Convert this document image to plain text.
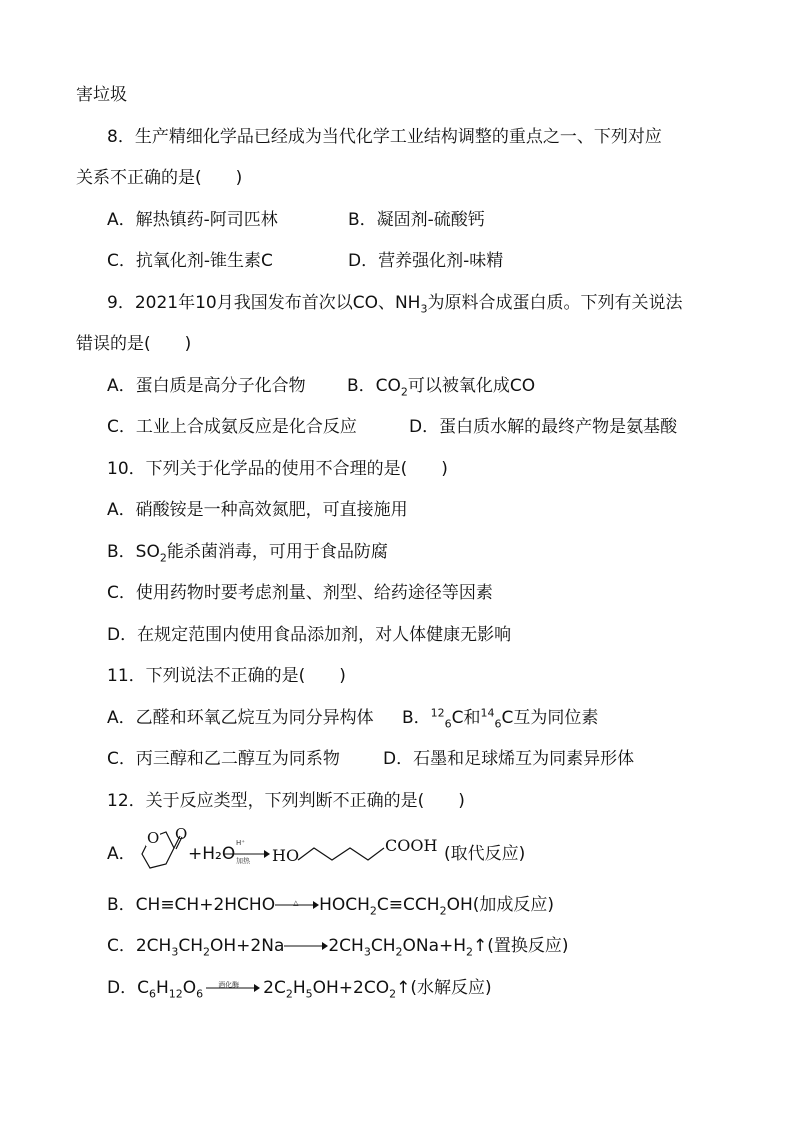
害垃圾
8．生产精细化学品已经成为当代化学工业结构调整的重点之一、下列对应
关系不正确的是(　　)
A．解热镇药-阿司匹林	B．凝固剂-硫酸钙
C．抗氧化剂-锥生素C	D．营养强化剂-味精
9．2021年10月我国发布首次以CO、$NH_3$为原料合成蛋白质。下列有关说法
错误的是(　　)
A．蛋白质是高分子化合物 B．$CO_2$可以被氧化成CO
C．工业上合成氨反应是化合反应	D．蛋白质水解的最终产物是氨基酸
10．下列关于化学品的使用不合理的是(　　)
A．硝酸铵是一种高效氮肥，可直接施用
B．$SO_2$能杀菌消毒，可用于食品防腐
C．使用药物时要考虑剂量、剂型、给药途径等因素
D．在规定范围内使用食品添加剂，对人体健康无影响
11．下列说法不正确的是(　　)
A．乙醛和环氧乙烷互为同分异构体 B．$^{12}_6$C和$^{14}_6$C互为同位素
C．丙三醇和乙二醇互为同系物	D．石墨和足球烯互为同素异形体
12．关于反应类型，下列判断不正确的是(　　)
A．
O O
+H₂O
H⁺
加热 → HO
COOH (取代反应)
B．CH≡CH+2HCHO	△ $HOCH_2C\equiv CCH_2OH$(加成反应)
C．$2CH_3CH_2OH+2Na$	$2CH_3CH_2ONa+H_2↑$(置换反应)
D．$C_6H_{12}O_6$
酒化酶 $2C_2H_5OH+2CO_2↑$(水解反应)
